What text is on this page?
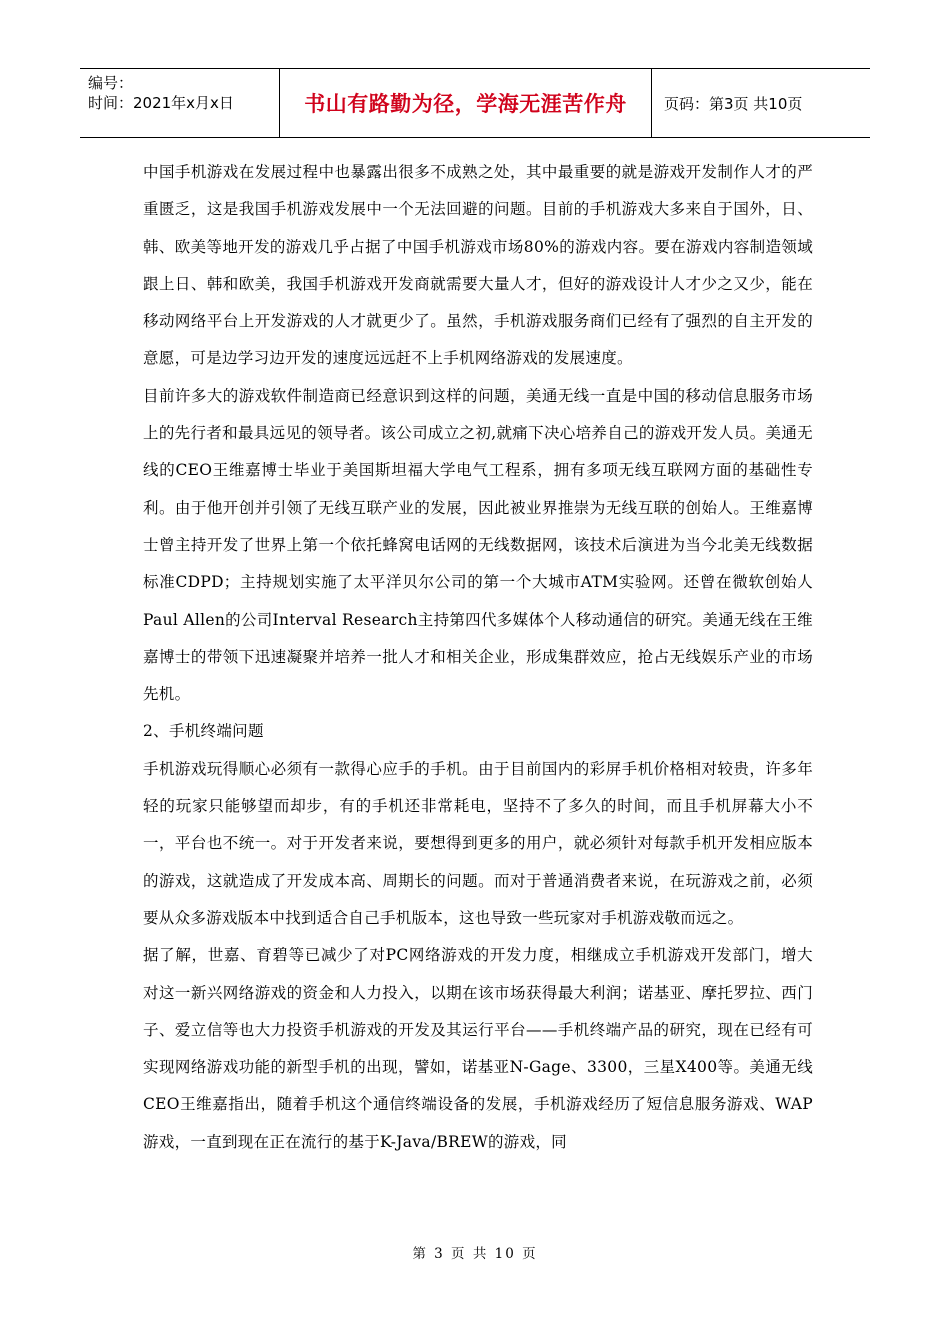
编号：
时间：2021年x月x日	书山有路勤为径，学海无涯苦作舟 页码：第3页 共10页

中国手机游戏在发展过程中也暴露出很多不成熟之处，其中最重要的就是游戏开发制作人才的严重匮乏，这是我国手机游戏发展中一个无法回避的问题。目前的手机游戏大多来自于国外，日、韩、欧美等地开发的游戏几乎占据了中国手机游戏市场80%的游戏内容。要在游戏内容制造领域跟上日、韩和欧美，我国手机游戏开发商就需要大量人才，但好的游戏设计人才少之又少，能在移动网络平台上开发游戏的人才就更少了。虽然，手机游戏服务商们已经有了强烈的自主开发的意愿，可是边学习边开发的速度远远赶不上手机网络游戏的发展速度。

目前许多大的游戏软件制造商已经意识到这样的问题，美通无线一直是中国的移动信息服务市场上的先行者和最具远见的领导者。该公司成立之初,就痛下决心培养自己的游戏开发人员。美通无线的CEO王维嘉博士毕业于美国斯坦福大学电气工程系，拥有多项无线互联网方面的基础性专利。由于他开创并引领了无线互联产业的发展，因此被业界推崇为无线互联的创始人。王维嘉博士曾主持开发了世界上第一个依托蜂窝电话网的无线数据网，该技术后演进为当今北美无线数据标准CDPD；主持规划实施了太平洋贝尔公司的第一个大城市ATM实验网。还曾在微软创始人Paul Allen的公司Interval Research主持第四代多媒体个人移动通信的研究。美通无线在王维嘉博士的带领下迅速凝聚并培养一批人才和相关企业，形成集群效应，抢占无线娱乐产业的市场先机。

2、手机终端问题

手机游戏玩得顺心必须有一款得心应手的手机。由于目前国内的彩屏手机价格相对较贵，许多年轻的玩家只能够望而却步，有的手机还非常耗电，坚持不了多久的时间，而且手机屏幕大小不一，平台也不统一。对于开发者来说，要想得到更多的用户，就必须针对每款手机开发相应版本的游戏，这就造成了开发成本高、周期长的问题。而对于普通消费者来说，在玩游戏之前，必须要从众多游戏版本中找到适合自己手机版本，这也导致一些玩家对手机游戏敬而远之。

据了解，世嘉、育碧等已减少了对PC网络游戏的开发力度，相继成立手机游戏开发部门，增大对这一新兴网络游戏的资金和人力投入，以期在该市场获得最大利润；诺基亚、摩托罗拉、西门子、爱立信等也大力投资手机游戏的开发及其运行平台——手机终端产品的研究，现在已经有可实现网络游戏功能的新型手机的出现，譬如，诺基亚N-Gage、3300，三星X400等。美通无线CEO王维嘉指出，随着手机这个通信终端设备的发展，手机游戏经历了短信息服务游戏、WAP游戏，一直到现在正在流行的基于K-Java/BREW的游戏，同

第 3 页 共 10 页
